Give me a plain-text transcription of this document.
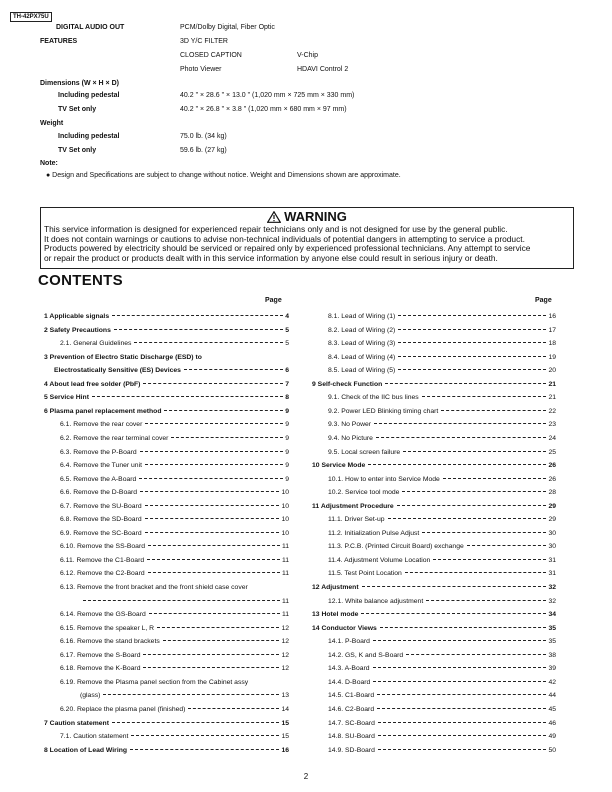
TH-42PX75U
DIGITAL AUDIO OUT	PCM/Dolby Digital, Fiber Optic
FEATURES	3D Y/C FILTER
CLOSED CAPTION	V-Chip
Photo Viewer	HDAVI Control 2
Dimensions (W × H × D)
Including pedestal	40.2 " × 28.6 " × 13.0 " (1,020 mm × 725 mm × 330 mm)
TV Set only	40.2 " × 26.8 " × 3.8 " (1,020 mm × 680 mm × 97 mm)
Weight
Including pedestal	75.0 lb. (34 kg)
TV Set only	59.6 lb. (27 kg)
Note:
● Design and Specifications are subject to change without notice. Weight and Dimensions shown are approximate.
WARNING
This service information is designed for experienced repair technicians only and is not designed for use by the general public.
It does not contain warnings or cautions to advise non-technical individuals of potential dangers in attempting to service a product.
Products powered by electricity should be serviced or repaired only by experienced professional technicians. Any attempt to service
or repair the product or products dealt with in this service information by anyone else could result in serious injury or death.
CONTENTS
Page	Page
1 Applicable signals	4
2 Safety Precautions	5
2.1. General Guidelines	5
3 Prevention of Electro Static Discharge (ESD) to
Electrostatically Sensitive (ES) Devices	6
4 About lead free solder (PbF)	7
5 Service Hint	8
6 Plasma panel replacement method	9
6.1. Remove the rear cover	9
6.2. Remove the rear terminal cover	9
6.3. Remove the P-Board	9
6.4. Remove the Tuner unit	9
6.5. Remove the A-Board	9
6.6. Remove the D-Board	10
6.7. Remove the SU-Board	10
6.8. Remove the SD-Board	10
6.9. Remove the SC-Board	10
6.10. Remove the SS-Board	11
6.11. Remove the C1-Board	11
6.12. Remove the C2-Board	11
6.13. Remove the front bracket and the front shield case cover
11
6.14. Remove the GS-Board	11
6.15. Remove the speaker L, R	12
6.16. Remove the stand brackets	12
6.17. Remove the S-Board	12
6.18. Remove the K-Board	12
6.19. Remove the Plasma panel section from the Cabinet assy
(glass)	13
6.20. Replace the plasma panel (finished)	14
7 Caution statement	15
7.1. Caution statement	15
8 Location of Lead Wiring	16
8.1. Lead of Wiring (1)	16
8.2. Lead of Wiring (2)	17
8.3. Lead of Wiring (3)	18
8.4. Lead of Wiring (4)	19
8.5. Lead of Wiring (5)	20
9 Self-check Function	21
9.1. Check of the IIC bus lines	21
9.2. Power LED Blinking timing chart	22
9.3. No Power	23
9.4. No Picture	24
9.5. Local screen failure	25
10 Service Mode	26
10.1. How to enter into Service Mode	26
10.2. Service tool mode	28
11 Adjustment Procedure	29
11.1. Driver Set-up	29
11.2. Initialization Pulse Adjust	30
11.3. P.C.B. (Printed Circuit Board) exchange	30
11.4. Adjustment Volume Location	31
11.5. Test Point Location	31
12 Adjustment	32
12.1. White balance adjustment	32
13 Hotel mode	34
14 Conductor Views	35
14.1. P-Board	35
14.2. GS, K and S-Board	38
14.3. A-Board	39
14.4. D-Board	42
14.5. C1-Board	44
14.6. C2-Board	45
14.7. SC-Board	46
14.8. SU-Board	49
14.9. SD-Board	50
2
